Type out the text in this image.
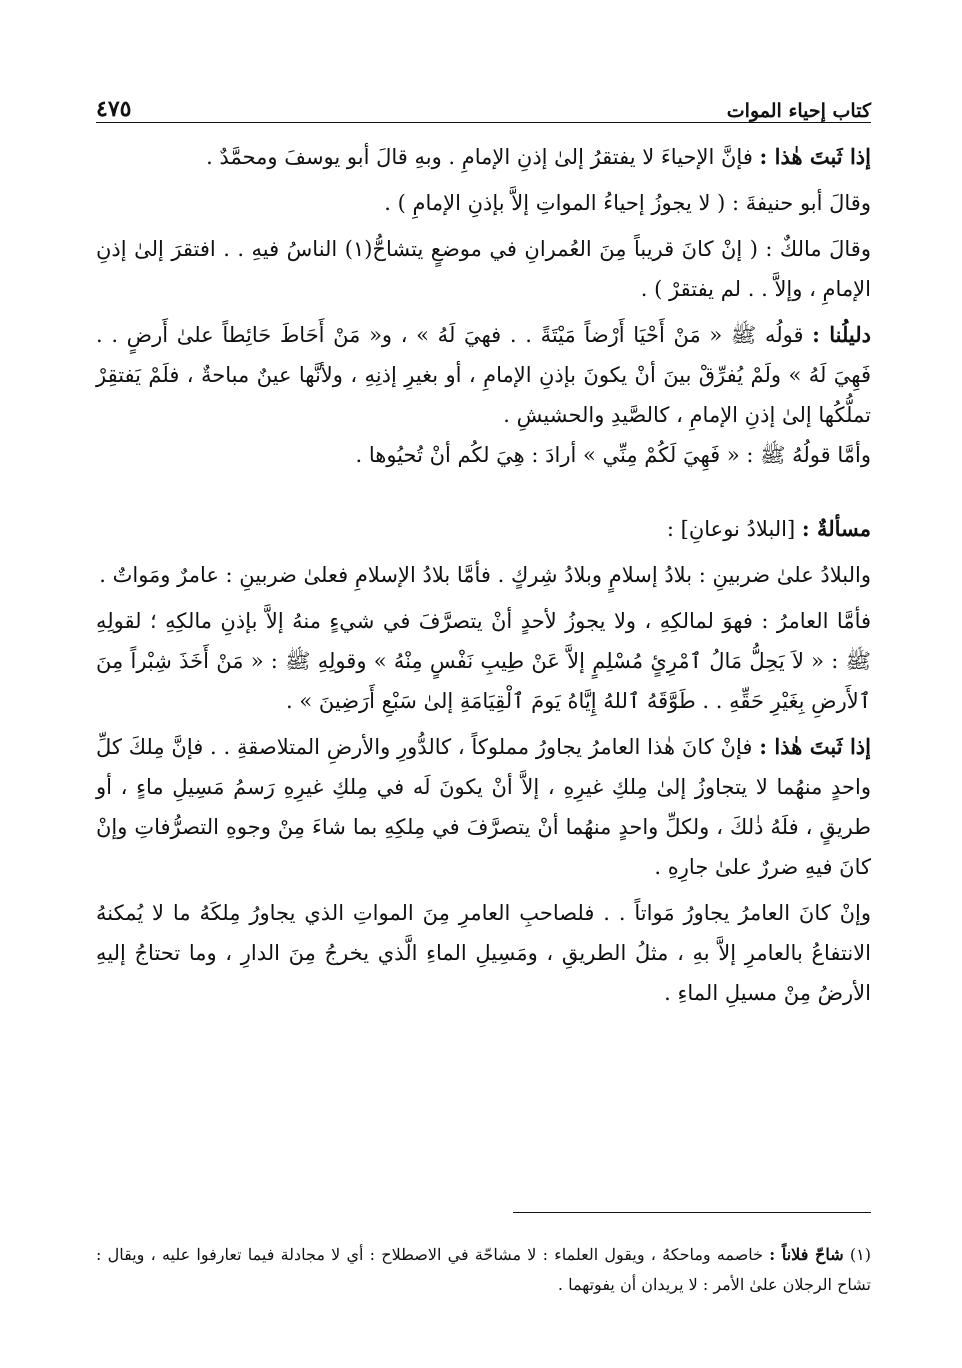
كتاب إحياء الموات
٤٧٥

إذا ثَبتَ هٰذا : فإنَّ الإحياءَ لا يفتقرُ إلىٰ إذنِ الإمامِ . وبهِ قالَ أبو يوسفَ ومحمَّدٌ .

وقالَ أبو حنيفةَ : ( لا يجوزُ إحياءُ المواتِ إلاَّ بإذنِ الإمامِ ) .

وقالَ مالكٌ : ( إنْ كانَ قريباً مِنَ العُمرانِ في موضعٍ يتشاحُّ(١) الناسُ فيهِ . . افتقرَ إلىٰ إذنِ الإمامِ ، وإلاَّ . . لم يفتقرْ ) .

دليلُنا : قولُه ﷺ « مَنْ أَحْيَا أَرْضاً مَيْتَةً . . فهيَ لَهُ » ، و« مَنْ أَحَاطَ حَائِطاً علىٰ أَرضٍ . . فَهِيَ لَهُ » ولَمْ يُفرِّقْ بينَ أنْ يكونَ بإذنِ الإمامِ ، أو بغيرِ إذنِهِ ، ولأنَّها عينٌ مباحةٌ ، فلَمْ يَفتقِرْ تملُّكُها إلىٰ إذنِ الإمامِ ، كالصَّيدِ والحشيشِ .

وأمَّا قولُهُ ﷺ : « فَهِيَ لَكُمْ مِنِّي » أرادَ : هِيَ لكُم أنْ تُحيُوها .

مسألةٌ : [البلادُ نوعانِ] :

والبلادُ علىٰ ضربينِ : بلادُ إسلامٍ وبلادُ شِركٍ . فأمَّا بلادُ الإسلامِ فعلىٰ ضربينِ : عامرٌ ومَواتٌ .

فأمَّا العامرُ : فهوَ لمالكِهِ ، ولا يجوزُ لأحدٍ أنْ يتصرَّفَ في شيءٍ منهُ إلاَّ بإذنِ مالكِهِ ؛ لقولِهِ ﷺ : « لاَ يَحِلُّ مَالُ ٱمْرِئٍ مُسْلِمٍ إلاَّ عَنْ طِيبِ نَفْسٍ مِنْهُ » وقولِهِ ﷺ : « مَنْ أَخَذَ شِبْراً مِنَ ٱلأَرضِ بِغَيْرِ حَقِّهِ . . طَوَّقَهُ ٱللهُ إِيَّاهُ يَومَ ٱلْقِيَامَةِ إلىٰ سَبْعِ أَرَضِينَ » .

إذا ثَبتَ هٰذا : فإنْ كانَ هٰذا العامرُ يجاورُ مملوكاً ، كالدُّورِ والأرضِ المتلاصقةِ . . فإنَّ مِلكَ كلِّ واحدٍ منهُما لا يتجاوزُ إلىٰ مِلكِ غيرِهِ ، إلاَّ أنْ يكونَ لَه في مِلكِ غيرِهِ رَسمُ مَسِيلِ ماءٍ ، أو طريقٍ ، فلَهُ ذٰلكَ ، ولكلِّ واحدٍ منهُما أنْ يتصرَّفَ في مِلكِهِ بما شاءَ مِنْ وجوهِ التصرُّفاتِ وإنْ كانَ فيهِ ضررٌ علىٰ جارِهِ .

وإنْ كانَ العامرُ يجاورُ مَواتاً . . فلصاحبِ العامرِ مِنَ المواتِ الذي يجاورُ مِلكَهُ ما لا يُمكنهُ الانتفاعُ بالعامرِ إلاَّ بهِ ، مثلُ الطريقِ ، ومَسِيلِ الماءِ الَّذي يخرجُ مِنَ الدارِ ، وما تحتاجُ إليهِ الأرضُ مِنْ مسيلِ الماءِ .

(١) شاحّ فلاناً : خاصمه وماحكهُ ، ويقول العلماء : لا مشاحّة في الاصطلاح : أي لا مجادلة فيما تعارفوا عليه ، ويقال : تشاح الرجلان علىٰ الأمر : لا يريدان أن يفوتهما .
